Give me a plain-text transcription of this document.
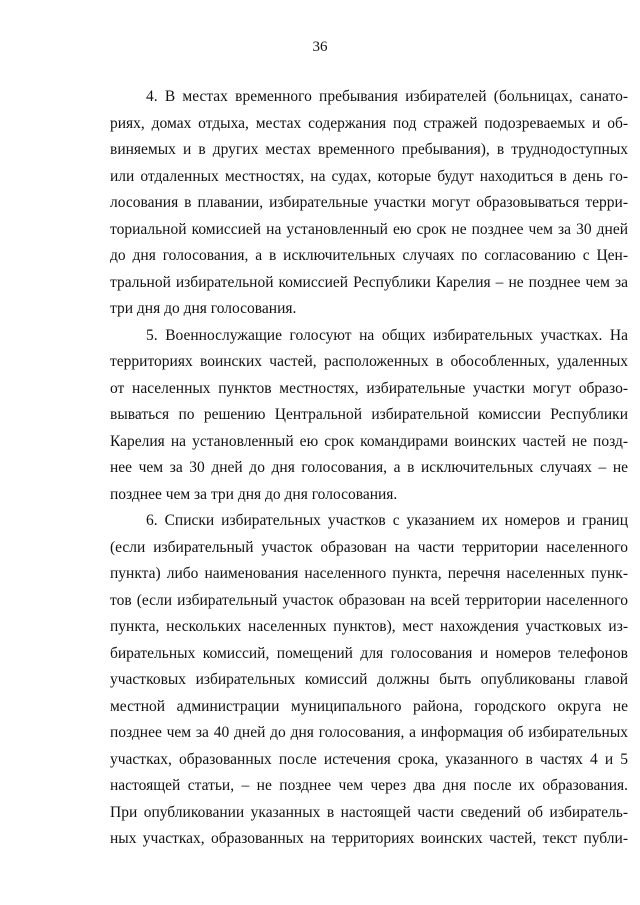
36
4. В местах временного пребывания избирателей (больницах, санато-
риях, домах отдыха, местах содержания под стражей подозреваемых и об-
виняемых и в других местах временного пребывания), в труднодоступных
или отдаленных местностях, на судах, которые будут находиться в день го-
лосования в плавании, избирательные участки могут образовываться терри-
ториальной комиссией на установленный ею срок не позднее чем за 30 дней
до дня голосования, а в исключительных случаях по согласованию с Цен-
тральной избирательной комиссией Республики Карелия – не позднее чем за
три дня до дня голосования.
5. Военнослужащие голосуют на общих избирательных участках. На
территориях воинских частей, расположенных в обособленных, удаленных
от населенных пунктов местностях, избирательные участки могут образо-
вываться по решению Центральной избирательной комиссии Республики
Карелия на установленный ею срок командирами воинских частей не позд-
нее чем за 30 дней до дня голосования, а в исключительных случаях – не
позднее чем за три дня до дня голосования.
6. Списки избирательных участков с указанием их номеров и границ
(если избирательный участок образован на части территории населенного
пункта) либо наименования населенного пункта, перечня населенных пунк-
тов (если избирательный участок образован на всей территории населенного
пункта, нескольких населенных пунктов), мест нахождения участковых из-
бирательных комиссий, помещений для голосования и номеров телефонов
участковых избирательных комиссий должны быть опубликованы главой
местной администрации муниципального района, городского округа не
позднее чем за 40 дней до дня голосования, а информация об избирательных
участках, образованных после истечения срока, указанного в частях 4 и 5
настоящей статьи, – не позднее чем через два дня после их образования.
При опубликовании указанных в настоящей части сведений об избиратель-
ных участках, образованных на территориях воинских частей, текст публи-
